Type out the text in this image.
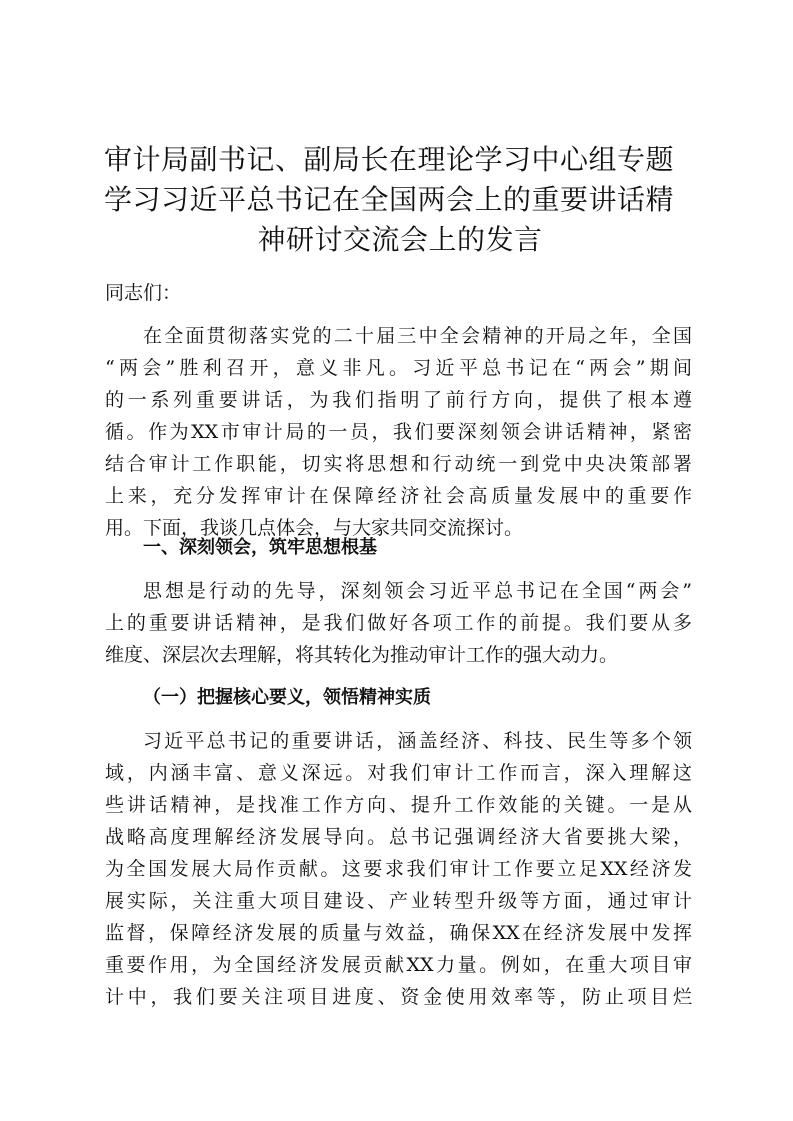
审计局副书记、副局长在理论学习中心组专题
学习习近平总书记在全国两会上的重要讲话精
神研讨交流会上的发言

同志们：

在全面贯彻落实党的二十届三中全会精神的开局之年，全国

“两会”胜利召开，意义非凡。习近平总书记在“两会”期间

的一系列重要讲话，为我们指明了前行方向，提供了根本遵

循。作为XX市审计局的一员，我们要深刻领会讲话精神，紧密

结合审计工作职能，切实将思想和行动统一到党中央决策部署

上来，充分发挥审计在保障经济社会高质量发展中的重要作

用。下面，我谈几点体会，与大家共同交流探讨。

一、深刻领会，筑牢思想根基

思想是行动的先导，深刻领会习近平总书记在全国“两会”

上的重要讲话精神，是我们做好各项工作的前提。我们要从多

维度、深层次去理解，将其转化为推动审计工作的强大动力。

（一）把握核心要义，领悟精神实质

习近平总书记的重要讲话，涵盖经济、科技、民生等多个领

域，内涵丰富、意义深远。对我们审计工作而言，深入理解这

些讲话精神，是找准工作方向、提升工作效能的关键。一是从

战略高度理解经济发展导向。总书记强调经济大省要挑大梁，

为全国发展大局作贡献。这要求我们审计工作要立足XX经济发

展实际，关注重大项目建设、产业转型升级等方面，通过审计

监督，保障经济发展的质量与效益，确保XX在经济发展中发挥

重要作用，为全国经济发展贡献XX力量。例如，在重大项目审

计中，我们要关注项目进度、资金使用效率等，防止项目烂
